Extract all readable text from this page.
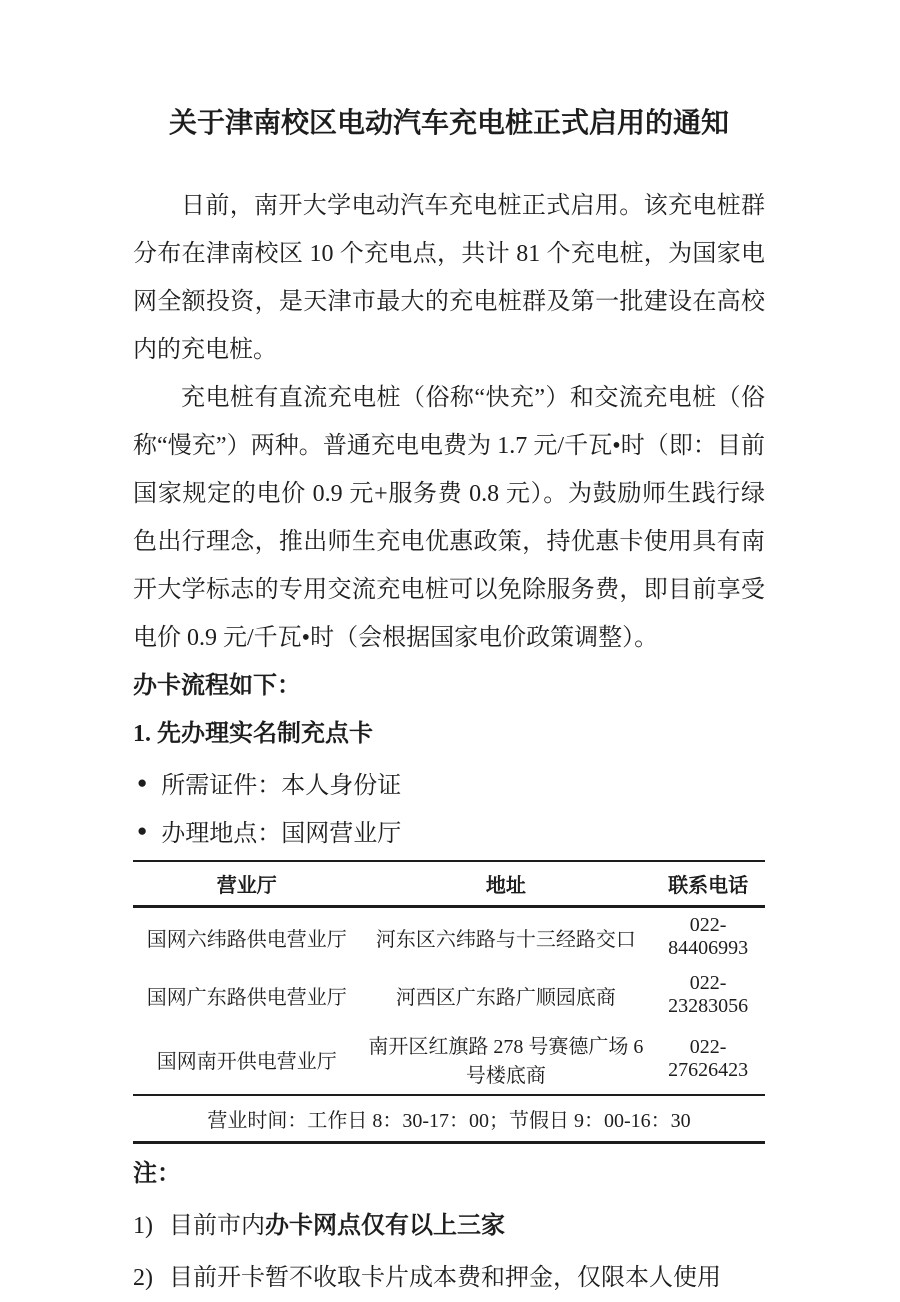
关于津南校区电动汽车充电桩正式启用的通知

日前，南开大学电动汽车充电桩正式启用。该充电桩群分布在津南校区 10 个充电点，共计 81 个充电桩，为国家电网全额投资，是天津市最大的充电桩群及第一批建设在高校内的充电桩。

充电桩有直流充电桩（俗称“快充”）和交流充电桩（俗称“慢充”）两种。普通充电电费为 1.7 元/千瓦•时（即：目前国家规定的电价 0.9 元+服务费 0.8 元）。为鼓励师生践行绿色出行理念，推出师生充电优惠政策，持优惠卡使用具有南开大学标志的专用交流充电桩可以免除服务费，即目前享受电价 0.9 元/千瓦•时（会根据国家电价政策调整）。

办卡流程如下：

1. 先办理实名制充点卡

● 所需证件：本人身份证
● 办理地点：国网营业厅
营业厅	地址	联系电话
国网六纬路供电营业厅	河东区六纬路与十三经路交口	022-84406993
国网广东路供电营业厅	河西区广东路广顺园底商	022-23283056
国网南开供电营业厅	南开区红旗路 278 号赛德广场 6 号楼底商	022-27626423
营业时间：工作日 8：30-17：00；节假日 9：00-16：30		

注：

1) 目前市内办卡网点仅有以上三家

2) 目前开卡暂不收取卡片成本费和押金，仅限本人使用
